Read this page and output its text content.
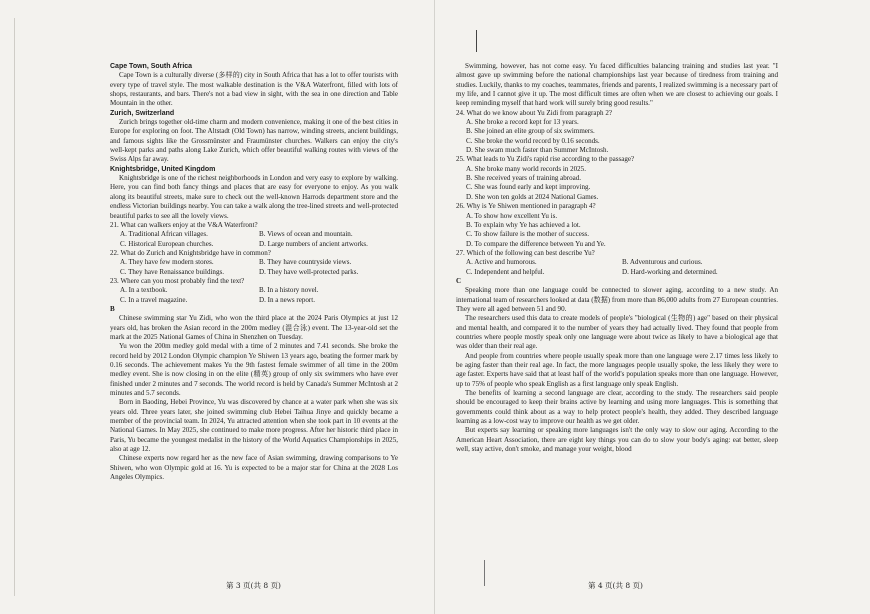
Cape Town, South Africa

Cape Town is a culturally diverse (多样的) city in South Africa that has a lot to offer tourists with every type of travel style. The most walkable destination is the V&A Waterfront, filled with lots of shops, restaurants, and bars. There's not a bad view in sight, with the sea in one direction and Table Mountain in the other.

Zurich, Switzerland

Zurich brings together old-time charm and modern convenience, making it one of the best cities in Europe for exploring on foot. The Altstadt (Old Town) has narrow, winding streets, ancient buildings, and famous sights like the Grossmünster and Fraumünster churches. Walkers can enjoy the city's well-kept parks and paths along Lake Zurich, which offer beautiful walking routes with views of the Swiss Alps far away.

Knightsbridge, United Kingdom

Knightsbridge is one of the richest neighborhoods in London and very easy to explore by walking. Here, you can find both fancy things and places that are easy for everyone to enjoy. As you walk along its beautiful streets, make sure to check out the well-known Harrods department store and the endless Victorian buildings nearby. You can take a walk along the tree-lined streets and well-protected beautiful parks to see all the lovely views.

21. What can walkers enjoy at the V&A Waterfront?

A. Traditional African villages.	B. Views of ocean and mountain.

C. Historical European churches.	D. Large numbers of ancient artworks.

22. What do Zurich and Knightsbridge have in common?

A. They have few modern stores.	B. They have countryside views.

C. They have Renaissance buildings.	D. They have well-protected parks.

23. Where can you most probably find the text?

A. In a textbook.	B. In a history novel.

C. In a travel magazine.	D. In a news report.

B

Chinese swimming star Yu Zidi, who won the third place at the 2024 Paris Olympics at just 12 years old, has broken the Asian record in the 200m medley (混合泳) event. The 13-year-old set the mark at the 2025 National Games of China in Shenzhen on Tuesday.

Yu won the 200m medley gold medal with a time of 2 minutes and 7.41 seconds. She broke the record held by 2012 London Olympic champion Ye Shiwen 13 years ago, beating the former mark by 0.16 seconds. The achievement makes Yu the 9th fastest female swimmer of all time in the 200m medley event. She is now closing in on the elite (精英) group of only six swimmers who have ever finished under 2 minutes and 7 seconds. The world record is held by Canada's Summer McIntosh at 2 minutes and 5.7 seconds.

Born in Baoding, Hebei Province, Yu was discovered by chance at a water park when she was six years old. Three years later, she joined swimming club Hebei Taihua Jinye and quickly became a member of the provincial team. In 2024, Yu attracted attention when she took part in 10 events at the National Games. In May 2025, she continued to make more progress. After her historic third place in Paris, Yu became the youngest medalist in the history of the World Aquatics Championships in 2025, also at age 12.

Chinese experts now regard her as the new face of Asian swimming, drawing comparisons to Ye Shiwen, who won Olympic gold at 16. Yu is expected to be a major star for China at the 2028 Los Angeles Olympics.

第 3 页(共 8 页)

Swimming, however, has not come easy. Yu faced difficulties balancing training and studies last year. "I almost gave up swimming before the national championships last year because of tiredness from training and studies. Luckily, thanks to my coaches, teammates, friends and parents, I realized swimming is a necessary part of my life, and I cannot give it up. The most difficult times are often when we are closest to achieving our goals. I keep reminding myself that hard work will surely bring good results."

24. What do we know about Yu Zidi from paragraph 2?

A. She broke a record kept for 13 years.

B. She joined an elite group of six swimmers.

C. She broke the world record by 0.16 seconds.

D. She swam much faster than Summer McIntosh.

25. What leads to Yu Zidi's rapid rise according to the passage?

A. She broke many world records in 2025.

B. She received years of training abroad.

C. She was found early and kept improving.

D. She won ten golds at 2024 National Games.

26. Why is Ye Shiwen mentioned in paragraph 4?

A. To show how excellent Yu is.

B. To explain why Ye has achieved a lot.

C. To show failure is the mother of success.

D. To compare the difference between Yu and Ye.

27. Which of the following can best describe Yu?

A. Active and humorous.	B. Adventurous and curious.

C. Independent and helpful.	D. Hard-working and determined.

C

Speaking more than one language could be connected to slower aging, according to a new study. An international team of researchers looked at data (数据) from more than 86,000 adults from 27 European countries. They were all aged between 51 and 90.

The researchers used this data to create models of people's "biological (生物的) age" based on their physical and mental health, and compared it to the number of years they had actually lived. They found that people from countries where people mostly speak only one language were about twice as likely to have a biological age that was older than their real age.

And people from countries where people usually speak more than one language were 2.17 times less likely to be aging faster than their real age. In fact, the more languages people usually spoke, the less likely they were to age faster. Experts have said that at least half of the world's population speaks more than one language. However, up to 75% of people who speak English as a first language only speak English.

The benefits of learning a second language are clear, according to the study. The researchers said people should be encouraged to keep their brains active by learning and using more languages. This is something that governments could think about as a way to help protect people's health, they added. They described language learning as a low-cost way to improve our health as we get older.

But experts say learning or speaking more languages isn't the only way to slow our aging. According to the American Heart Association, there are eight key things you can do to slow your body's aging: eat better, sleep well, stay active, don't smoke, and manage your weight, blood

第 4 页(共 8 页)
